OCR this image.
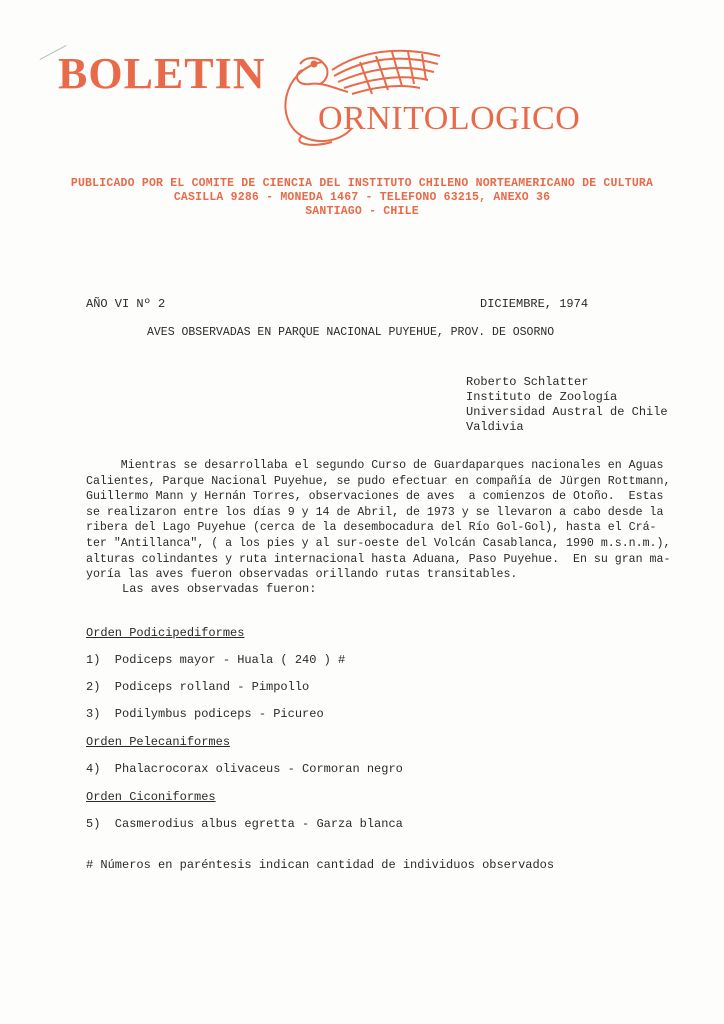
BOLETIN
ORNITOLOGICO
PUBLICADO POR EL COMITE DE CIENCIA DEL INSTITUTO CHILENO NORTEAMERICANO DE CULTURA
CASILLA 9286 - MONEDA 1467 - TELEFONO 63215, ANEXO 36
SANTIAGO - CHILE
AÑO VI Nº 2	DICIEMBRE, 1974
AVES OBSERVADAS EN PARQUE NACIONAL PUYEHUE, PROV. DE OSORNO
Roberto Schlatter
Instituto de Zoología
Universidad Austral de Chile
Valdivia
Mientras se desarrollaba el segundo Curso de Guardaparques nacionales en Aguas
Calientes, Parque Nacional Puyehue, se pudo efectuar en compañía de Jürgen Rottmann,
Guillermo Mann y Hernán Torres, observaciones de aves  a comienzos de Otoño.  Estas
se realizaron entre los días 9 y 14 de Abril, de 1973 y se llevaron a cabo desde la
ribera del Lago Puyehue (cerca de la desembocadura del Río Gol-Gol), hasta el Crá-
ter "Antillanca", ( a los pies y al sur-oeste del Volcán Casablanca, 1990 m.s.n.m.),
alturas colindantes y ruta internacional hasta Aduana, Paso Puyehue.  En su gran ma-
yoría las aves fueron observadas orillando rutas transitables.
Las aves observadas fueron:
Orden Podicipediformes
1)  Podiceps mayor - Huala ( 240 ) #
2)  Podiceps rolland - Pimpollo
3)  Podilymbus podiceps - Picureo
Orden Pelecaniformes
4)  Phalacrocorax olivaceus - Cormoran negro
Orden Ciconiformes
5)  Casmerodius albus egretta - Garza blanca
# Números en paréntesis indican cantidad de individuos observados
